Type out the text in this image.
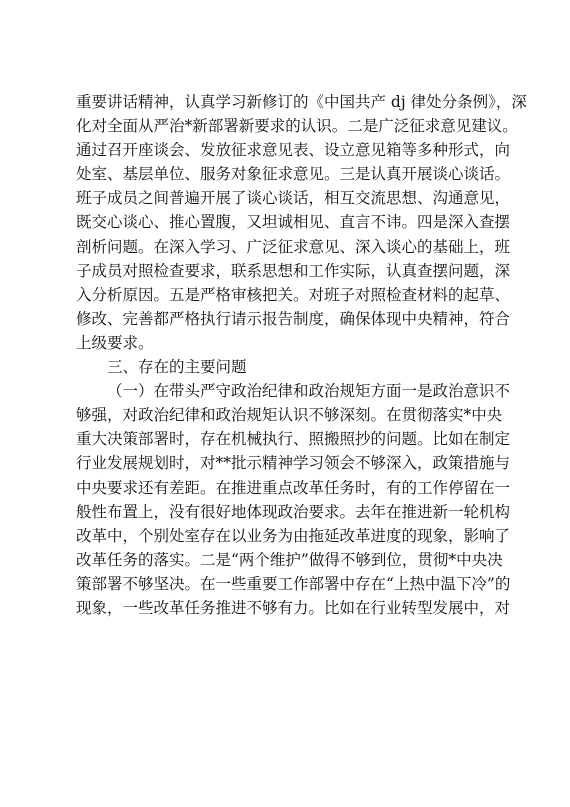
重要讲话精神，认真学习新修订的《中国共产 dj 律处分条例》，深
化对全面从严治*新部署新要求的认识。二是广泛征求意见建议。
通过召开座谈会、发放征求意见表、设立意见箱等多种形式，向
处室、基层单位、服务对象征求意见。三是认真开展谈心谈话。
班子成员之间普遍开展了谈心谈话，相互交流思想、沟通意见，
既交心谈心、推心置腹，又坦诚相见、直言不讳。四是深入查摆
剖析问题。在深入学习、广泛征求意见、深入谈心的基础上，班
子成员对照检查要求，联系思想和工作实际，认真查摆问题，深
入分析原因。五是严格审核把关。对班子对照检查材料的起草、
修改、完善都严格执行请示报告制度，确保体现中央精神，符合
上级要求。
三、存在的主要问题
（一）在带头严守政治纪律和政治规矩方面一是政治意识不
够强，对政治纪律和政治规矩认识不够深刻。在贯彻落实*中央
重大决策部署时，存在机械执行、照搬照抄的问题。比如在制定
行业发展规划时，对**批示精神学习领会不够深入，政策措施与
中央要求还有差距。在推进重点改革任务时，有的工作停留在一
般性布置上，没有很好地体现政治要求。去年在推进新一轮机构
改革中，个别处室存在以业务为由拖延改革进度的现象，影响了
改革任务的落实。二是“两个维护”做得不够到位，贯彻*中央决
策部署不够坚决。在一些重要工作部署中存在“上热中温下冷”的
现象，一些改革任务推进不够有力。比如在行业转型发展中，对
